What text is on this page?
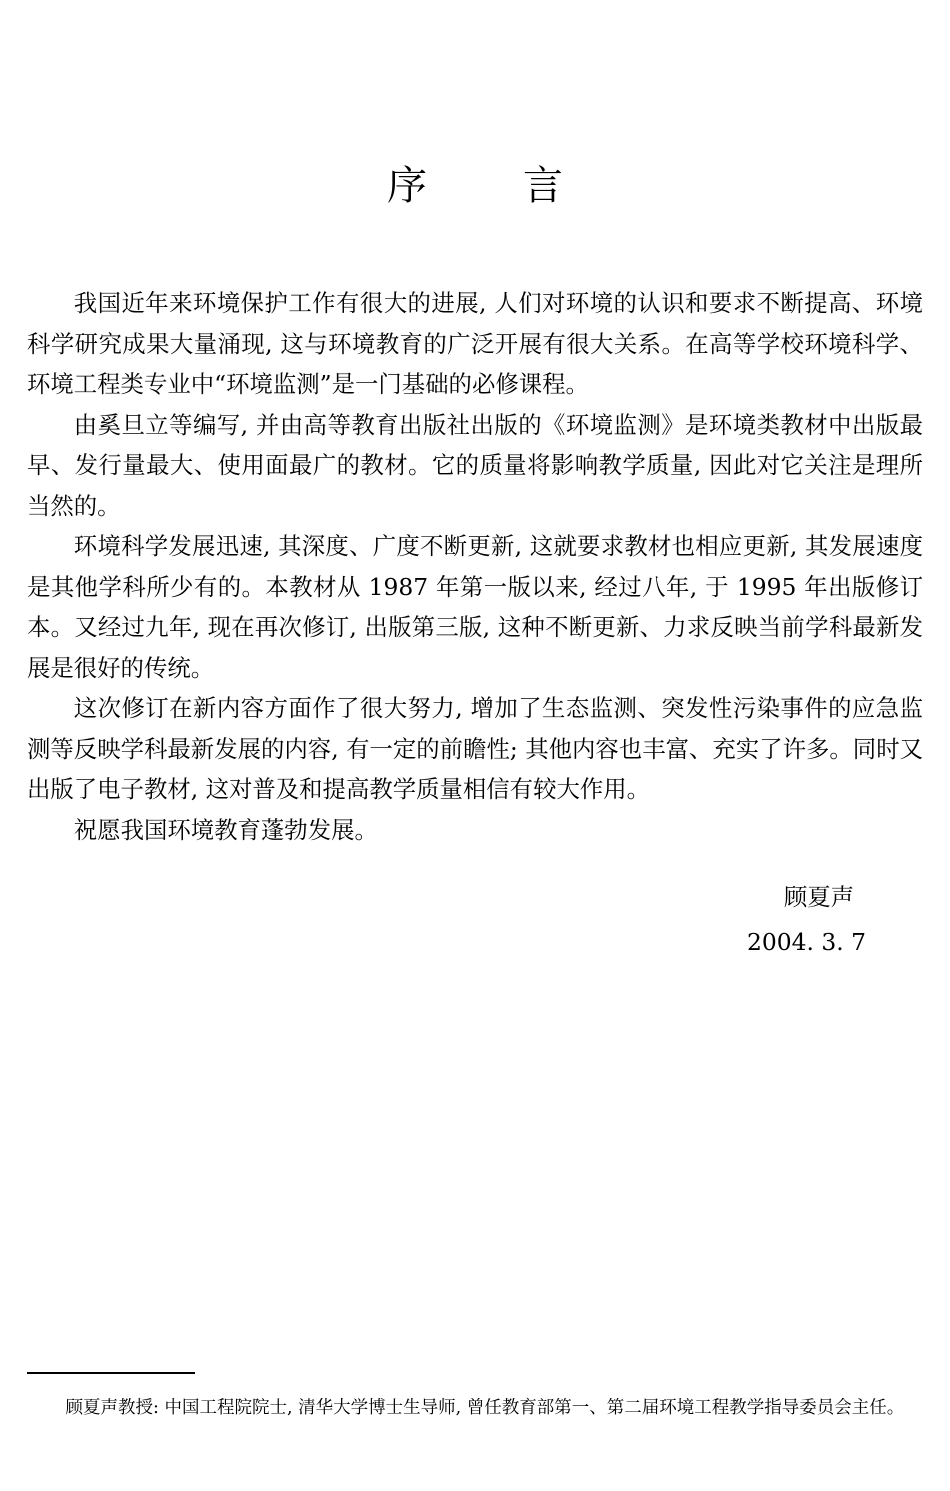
序言

我国近年来环境保护工作有很大的进展, 人们对环境的认识和要求不断提高、环境科学研究成果大量涌现, 这与环境教育的广泛开展有很大关系。在高等学校环境科学、环境工程类专业中“环境监测”是一门基础的必修课程。

由奚旦立等编写, 并由高等教育出版社出版的《环境监测》是环境类教材中出版最早、发行量最大、使用面最广的教材。它的质量将影响教学质量, 因此对它关注是理所当然的。

环境科学发展迅速, 其深度、广度不断更新, 这就要求教材也相应更新, 其发展速度是其他学科所少有的。本教材从 1987 年第一版以来, 经过八年, 于 1995 年出版修订本。又经过九年, 现在再次修订, 出版第三版, 这种不断更新、力求反映当前学科最新发展是很好的传统。

这次修订在新内容方面作了很大努力, 增加了生态监测、突发性污染事件的应急监测等反映学科最新发展的内容, 有一定的前瞻性; 其他内容也丰富、充实了许多。同时又出版了电子教材, 这对普及和提高教学质量相信有较大作用。

祝愿我国环境教育蓬勃发展。

顾夏声
2004. 3. 7

顾夏声教授: 中国工程院院士, 清华大学博士生导师, 曾任教育部第一、第二届环境工程教学指导委员会主任。
